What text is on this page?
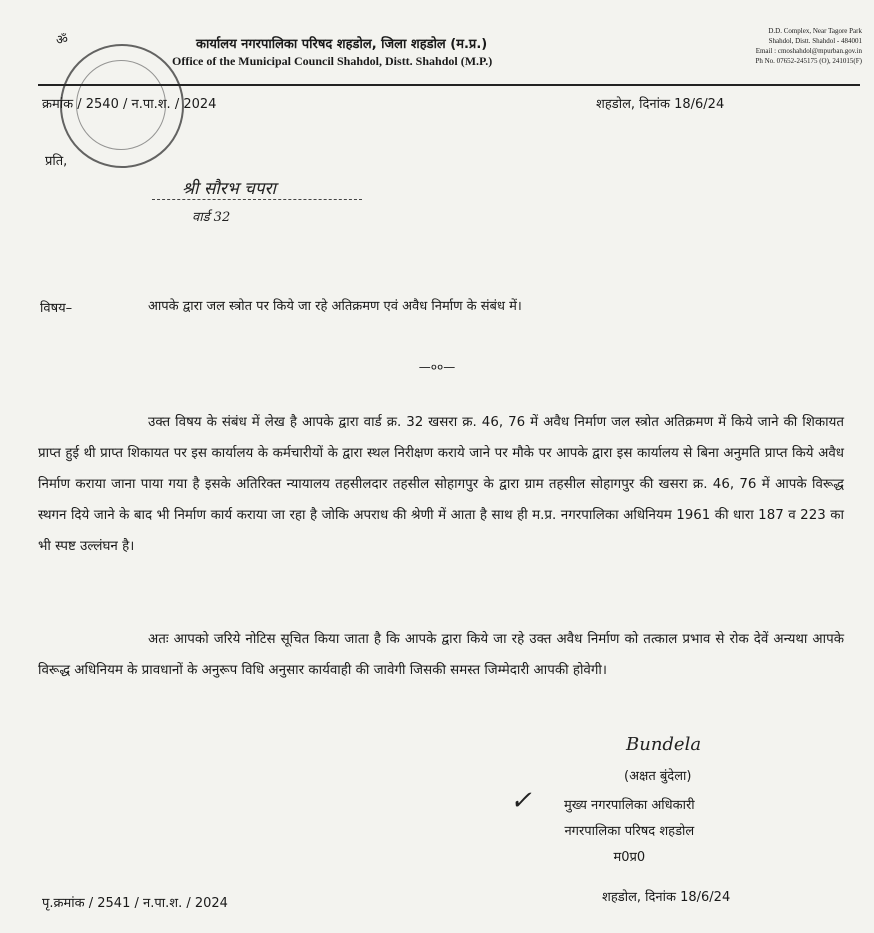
ॐ	कार्यालय नगरपालिका परिषद शहडोल, जिला शहडोल (म.प्र.)
Office of the Municipal Council Shahdol, Distt. Shahdol (M.P.)
D.D. Complex, Near Tagore Park
Shahdol, Distt. Shahdol - 484001
Email : cmoshahdol@mpurban.gov.in
Ph No. 07652-245175 (O), 241015(F)
क्रमांक / 2540 / न.पा.श. / 2024	शहडोल, दिनांक 18/6/24
प्रति,
श्री सौरभ चपरा
वार्ड 32
विषय–	आपके द्वारा जल स्त्रोत पर किये जा रहे अतिक्रमण एवं अवैध निर्माण के संबंध में।
—००—
उक्त विषय के संबंध में लेख है आपके द्वारा वार्ड क्र. 32 खसरा क्र. 46, 76 में अवैध निर्माण जल स्त्रोत अतिक्रमण में किये जाने की शिकायत प्राप्त हुई थी प्राप्त शिकायत पर इस कार्यालय के कर्मचारीयों के द्वारा स्थल निरीक्षण कराये जाने पर मौके पर आपके द्वारा इस कार्यालय से बिना अनुमति प्राप्त किये अवैध निर्माण कराया जाना पाया गया है इसके अतिरिक्त न्यायालय तहसीलदार तहसील सोहागपुर के द्वारा ग्राम तहसील सोहागपुर की खसरा क्र. 46, 76 में आपके विरूद्ध स्थगन दिये जाने के बाद भी निर्माण कार्य कराया जा रहा है जोकि अपराध की श्रेणी में आता है साथ ही म.प्र. नगरपालिका अधिनियम 1961 की धारा 187 व 223 का भी स्पष्ट उल्लंघन है।
अतः आपको जरिये नोटिस सूचित किया जाता है कि आपके द्वारा किये जा रहे उक्त अवैध निर्माण को तत्काल प्रभाव से रोक देवें अन्यथा आपके विरूद्ध अधिनियम के प्रावधानों के अनुरूप विधि अनुसार कार्यवाही की जावेगी जिसकी समस्त जिम्मेदारी आपकी होवेगी।
Bundela
(अक्षत बुंदेला)
✓ मुख्य नगरपालिका अधिकारी
नगरपालिका परिषद शहडोल
म0प्र0
पृ.क्रमांक / 2541 / न.पा.श. / 2024	शहडोल, दिनांक 18/6/24
